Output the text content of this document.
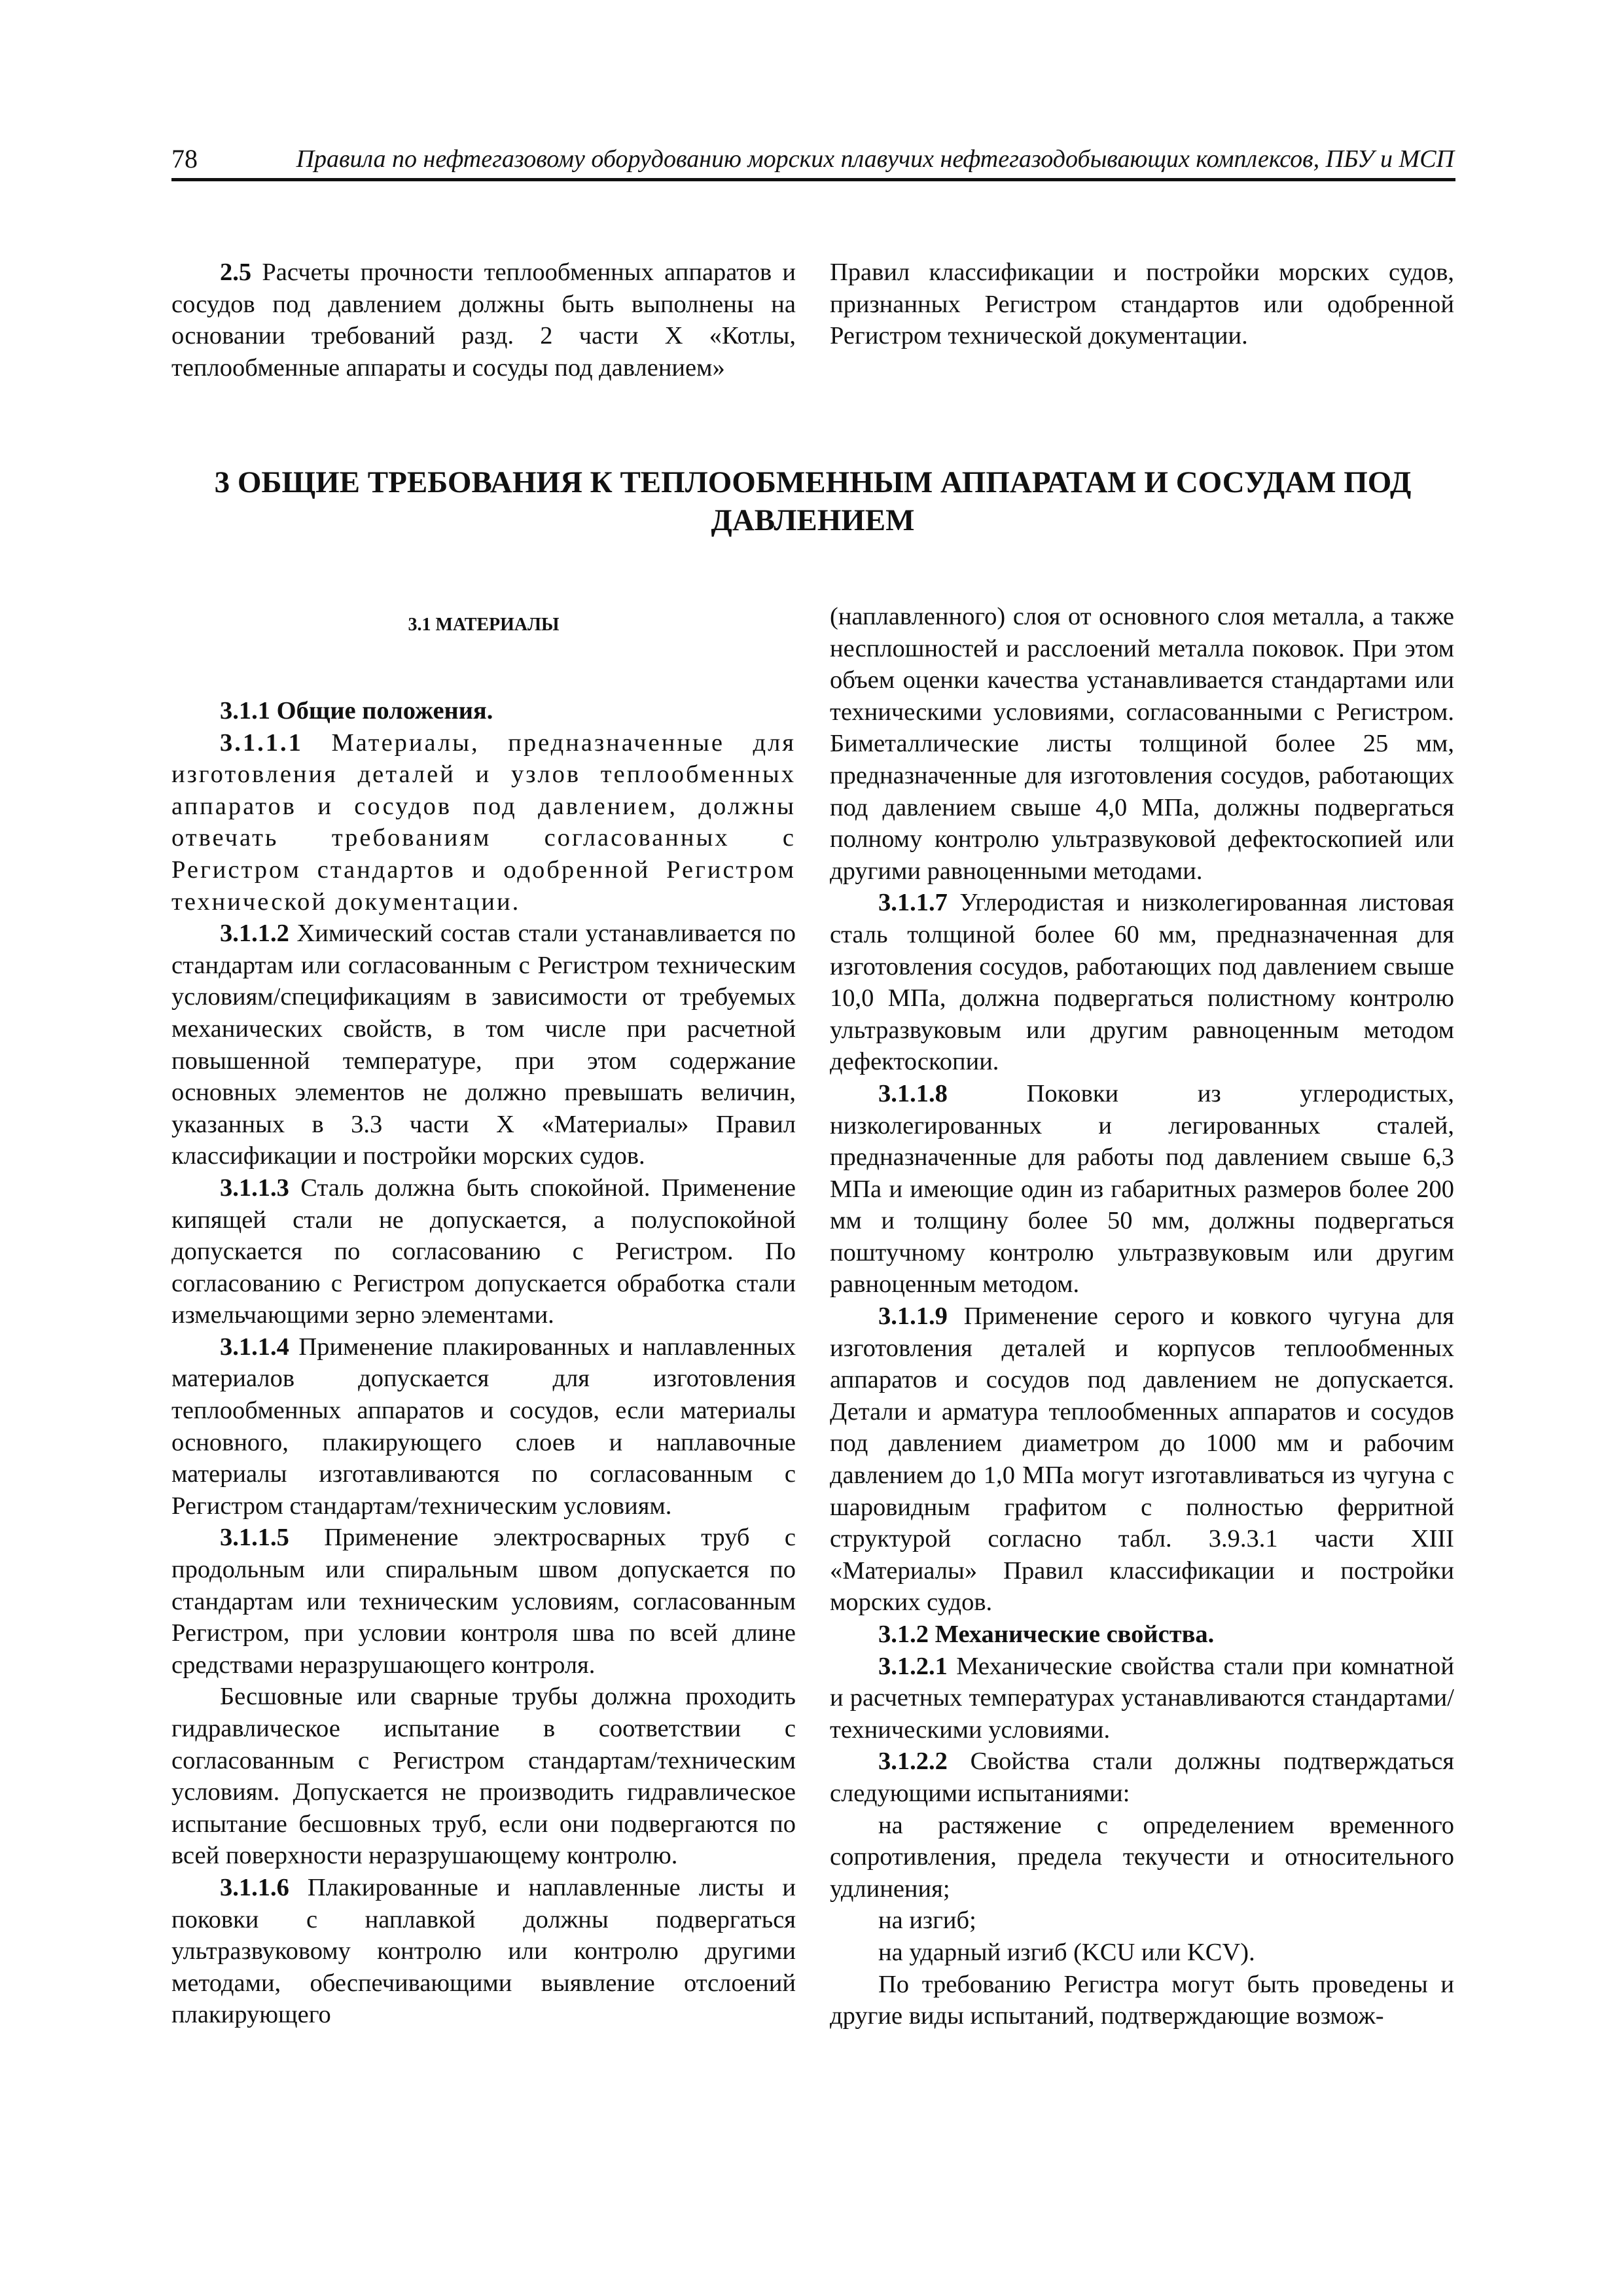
78	Правила по нефтегазовому оборудованию морских плавучих нефтегазодобывающих комплексов, ПБУ и МСП

2.5 Расчеты прочности теплообменных аппаратов и сосудов под давлением должны быть выполнены на основании требований разд. 2 части X «Котлы, теплообменные аппараты и сосуды под давлением»

Правил классификации и постройки морских судов, признанных Регистром стандартов или одобренной Регистром технической документации.

3 ОБЩИЕ ТРЕБОВАНИЯ К ТЕПЛООБМЕННЫМ АППАРАТАМ И СОСУДАМ ПОД ДАВЛЕНИЕМ
3.1 МАТЕРИАЛЫ

3.1.1 Общие положения.

3.1.1.1 Материалы, предназначенные для изготовления деталей и узлов теплообменных аппаратов и сосудов под давлением, должны отвечать требованиям согласованных с Регистром стандартов и одобренной Регистром технической документации.

3.1.1.2 Химический состав стали устанавливается по стандартам или согласованным с Регистром техническим условиям/спецификациям в зависимости от требуемых механических свойств, в том числе при расчетной повышенной температуре, при этом содержание основных элементов не должно превышать величин, указанных в 3.3 части X «Материалы» Правил классификации и постройки морских судов.

3.1.1.3 Сталь должна быть спокойной. Применение кипящей стали не допускается, а полуспокойной допускается по согласованию с Регистром. По согласованию с Регистром допускается обработка стали измельчающими зерно элементами.

3.1.1.4 Применение плакированных и наплавленных материалов допускается для изготовления теплообменных аппаратов и сосудов, если материалы основного, плакирующего слоев и наплавочные материалы изготавливаются по согласованным с Регистром стандартам/техническим условиям.

3.1.1.5 Применение электросварных труб с продольным или спиральным швом допускается по стандартам или техническим условиям, согласованным Регистром, при условии контроля шва по всей длине средствами неразрушающего контроля.

Бесшовные или сварные трубы должна проходить гидравлическое испытание в соответствии с согласованным с Регистром стандартам/техническим условиям. Допускается не производить гидравлическое испытание бесшовных труб, если они подвергаются по всей поверхности неразрушающему контролю.

3.1.1.6 Плакированные и наплавленные листы и поковки с наплавкой должны подвергаться ультразвуковому контролю или контролю другими методами, обеспечивающими выявление отслоений плакирующего

(наплавленного) слоя от основного слоя металла, а также несплошностей и расслоений металла поковок. При этом объем оценки качества устанавливается стандартами или техническими условиями, согласованными с Регистром. Биметаллические листы толщиной более 25 мм, предназначенные для изготовления сосудов, работающих под давлением свыше 4,0 МПа, должны подвергаться полному контролю ультразвуковой дефектоскопией или другими равноценными методами.

3.1.1.7 Углеродистая и низколегированная листовая сталь толщиной более 60 мм, предназначенная для изготовления сосудов, работающих под давлением свыше 10,0 МПа, должна подвергаться полистному контролю ультразвуковым или другим равноценным методом дефектоскопии.

3.1.1.8 Поковки из углеродистых, низколегированных и легированных сталей, предназначенные для работы под давлением свыше 6,3 МПа и имеющие один из габаритных размеров более 200 мм и толщину более 50 мм, должны подвергаться поштучному контролю ультразвуковым или другим равноценным методом.

3.1.1.9 Применение серого и ковкого чугуна для изготовления деталей и корпусов теплообменных аппаратов и сосудов под давлением не допускается. Детали и арматура теплообменных аппаратов и сосудов под давлением диаметром до 1000 мм и рабочим давлением до 1,0 МПа могут изготавливаться из чугуна с шаровидным графитом с полностью ферритной структурой согласно табл. 3.9.3.1 части XIII «Материалы» Правил классификации и постройки морских судов.

3.1.2 Механические свойства.

3.1.2.1 Механические свойства стали при комнатной и расчетных температурах устанавливаются стандартами/техническими условиями.

3.1.2.2 Свойства стали должны подтверждаться следующими испытаниями:

на растяжение с определением временного сопротивления, предела текучести и относительного удлинения;

на изгиб;

на ударный изгиб (KCU или KCV).

По требованию Регистра могут быть проведены и другие виды испытаний, подтверждающие возмож-
